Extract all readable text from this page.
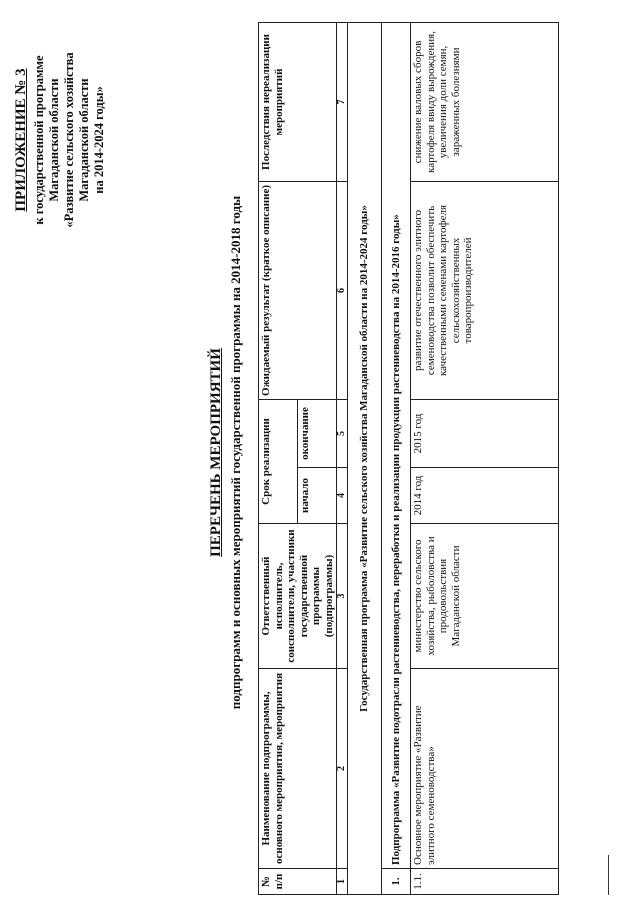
ПРИЛОЖЕНИЕ № 3 к государственной программе Магаданской области «Развитие сельского хозяйства Магаданской области на 2014-2024 годы»
ПЕРЕЧЕНЬ МЕРОПРИЯТИЙ подпрограмм и основных мероприятий государственной программы на 2014-2018 годы
№ п/п	Наименование подпрограммы, основного мероприятия, мероприятия	Ответственный исполнитель, соисполнители, участники государственной программы (подпрограммы)	Срок реализации		Ожидаемый результат (краткое описание)	Последствия нереализации мероприятий
			начало	окончание		
1	2	3	4	5	6	7
Государственная программа «Развитие сельского хозяйства Магаданской области на 2014-2024 годы»						
1.	Подпрограмма «Развитие подотрасли растениеводства, переработки и реализации продукции растениеводства на 2014-2016 годы»					
1.1.	Основное мероприятие «Развитие элитного семеноводства»	министерство сельского хозяйства, рыболовства и продовольствия Магаданской области	2014 год	2015 год	развитие отечественного элитного семеноводства позволит обеспечить качественными семенами картофеля сельскохозяйственных товаропроизводителей	снижение валовых сборов картофеля ввиду вырождения, увеличения доли семян, зараженных болезнями
